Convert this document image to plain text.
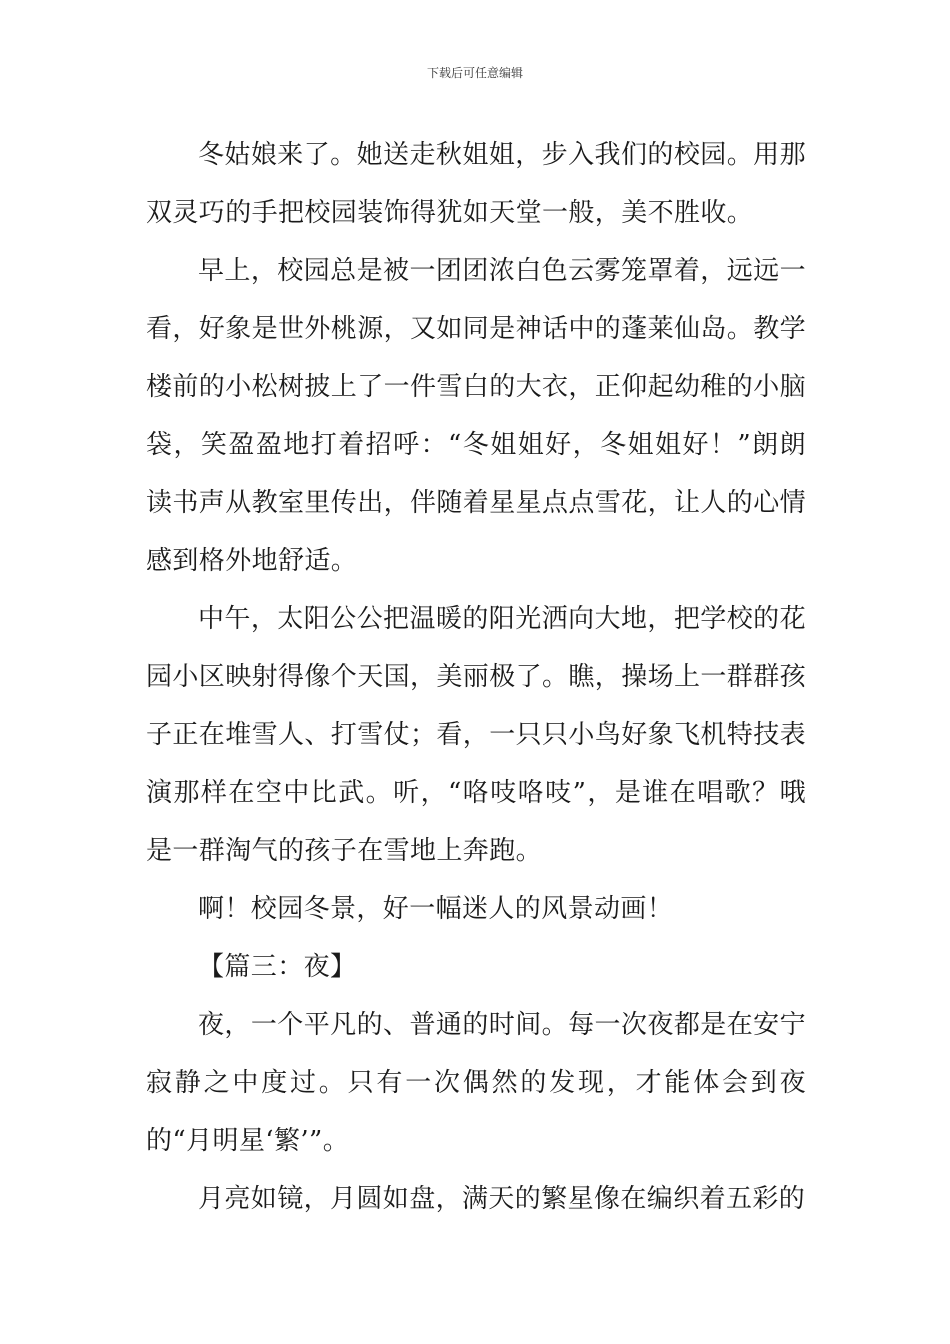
下载后可任意编辑

冬姑娘来了。她送走秋姐姐，步入我们的校园。用那双灵巧的手把校园装饰得犹如天堂一般，美不胜收。

早上，校园总是被一团团浓白色云雾笼罩着，远远一看，好象是世外桃源，又如同是神话中的蓬莱仙岛。教学楼前的小松树披上了一件雪白的大衣，正仰起幼稚的小脑袋，笑盈盈地打着招呼：“冬姐姐好，冬姐姐好！”朗朗读书声从教室里传出，伴随着星星点点雪花，让人的心情感到格外地舒适。

中午，太阳公公把温暖的阳光洒向大地，把学校的花园小区映射得像个天国，美丽极了。瞧，操场上一群群孩子正在堆雪人、打雪仗；看，一只只小鸟好象飞机特技表演那样在空中比武。听，“咯吱咯吱”，是谁在唱歌？哦是一群淘气的孩子在雪地上奔跑。

啊！校园冬景，好一幅迷人的风景动画！

【篇三：夜】

夜，一个平凡的、普通的时间。每一次夜都是在安宁寂静之中度过。只有一次偶然的发现，才能体会到夜的“月明星‘繁’”。

月亮如镜，月圆如盘，满天的繁星像在编织着五彩的
